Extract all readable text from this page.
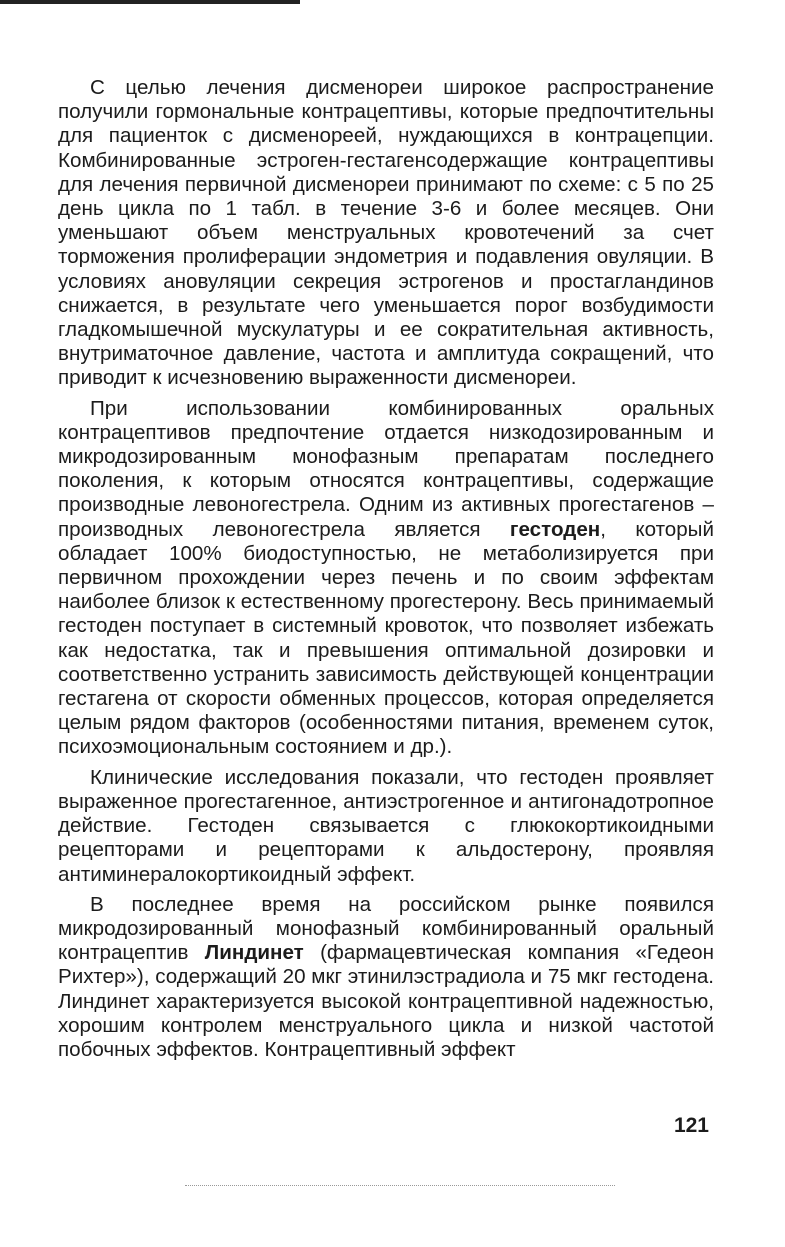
С целью лечения дисменореи широкое распространение получили гормональные контрацептивы, которые предпочтительны для пациенток с дисменореей, нуждающихся в контрацепции. Комбинированные эстроген-гестагенсодержащие контрацептивы для лечения первичной дисменореи принимают по схеме: с 5 по 25 день цикла по 1 табл. в течение 3-6 и более месяцев. Они уменьшают объем менструальных кровотечений за счет торможения пролиферации эндометрия и подавления овуляции. В условиях ановуляции секреция эстрогенов и простагландинов снижается, в результате чего уменьшается порог возбудимости гладкомышечной мускулатуры и ее сократительная активность, внутриматочное давление, частота и амплитуда сокращений, что приводит к исчезновению выраженности дисменореи.

При использовании комбинированных оральных контрацептивов предпочтение отдается низкодозированным и микродозированным монофазным препаратам последнего поколения, к которым относятся контрацептивы, содержащие производные левоногестрела. Одним из активных прогестагенов – производных левоногестрела является гестоден, который обладает 100% биодоступностью, не метаболизируется при первичном прохождении через печень и по своим эффектам наиболее близок к естественному прогестерону. Весь принимаемый гестоден поступает в системный кровоток, что позволяет избежать как недостатка, так и превышения оптимальной дозировки и соответственно устранить зависимость действующей концентрации гестагена от скорости обменных процессов, которая определяется целым рядом факторов (особенностями питания, временем суток, психоэмоциональным состоянием и др.).

Клинические исследования показали, что гестоден проявляет выраженное прогестагенное, антиэстрогенное и антигонадотропное действие. Гестоден связывается с глюкокортикоидными рецепторами и рецепторами к альдостерону, проявляя антиминералокортикоидный эффект.

В последнее время на российском рынке появился микродозированный монофазный комбинированный оральный контрацептив Линдинет (фармацевтическая компания «Гедеон Рихтер»), содержащий 20 мкг этинилэстрадиола и 75 мкг гестодена. Линдинет характеризуется высокой контрацептивной надежностью, хорошим контролем менструального цикла и низкой частотой побочных эффектов. Контрацептивный эффект

121
